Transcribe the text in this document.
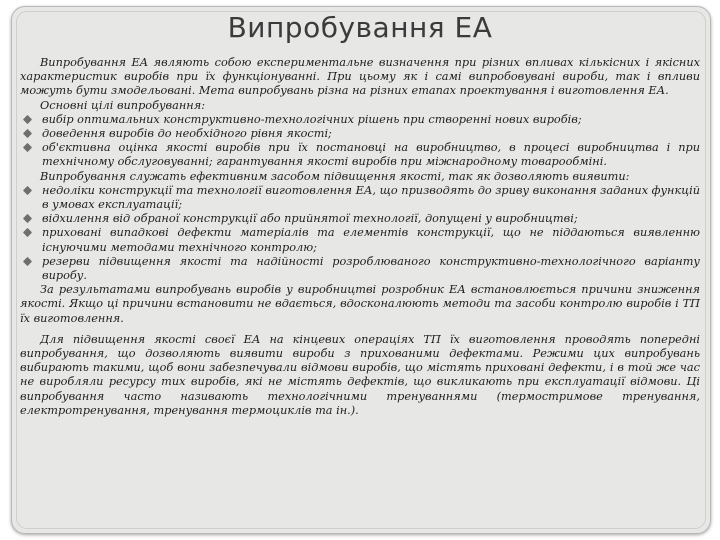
Випробування ЕА

Випробування ЕА являють собою експериментальне визначення при різних впливах кількісних і якісних характеристик виробів при їх функціонуванні. При цьому як і самі випробовувані вироби, так і впливи можуть бути змодельовані. Мета випробувань різна на різних етапах проектування і виготовлення ЕА.

Основні цілі випробування:

вибір оптимальних конструктивно-технологічних рішень при створенні нових виробів;
доведення виробів до необхідного рівня якості;
об'єктивна оцінка якості виробів при їх постановці на виробництво, в процесі виробництва і при технічному обслуговуванні; гарантування якості виробів при міжнародному товарообміні.

Випробування служать ефективним засобом підвищення якості, так як дозволяють виявити:

недоліки конструкції та технології виготовлення ЕА, що призводять до зриву виконання заданих функцій в умовах експлуатації;
відхилення від обраної конструкції або прийнятої технології, допущені у виробництві;
приховані випадкові дефекти матеріалів та елементів конструкції, що не піддаються виявленню існуючими методами технічного контролю;
резерви підвищення якості та надійності розроблюваного конструктивно-технологічного варіанту виробу.

За результатами випробувань виробів у виробництві розробник ЕА встановлюється причини зниження якості. Якщо ці причини встановити не вдається, вдосконалюють методи та засоби контролю виробів і ТП їх виготовлення.

Для підвищення якості своєї ЕА на кінцевих операціях ТП їх виготовлення проводять попередні випробування, що дозволяють виявити вироби з прихованими дефектами. Режими цих випробувань вибирають такими, щоб вони забезпечували відмови виробів, що містять приховані дефекти, і в той же час не виробляли ресурсу тих виробів, які не містять дефектів, що викликають при експлуатації відмови. Ці випробування часто називають технологічними тренуваннями (термостримове тренування, електротренування, тренування термоциклів та ін.).
